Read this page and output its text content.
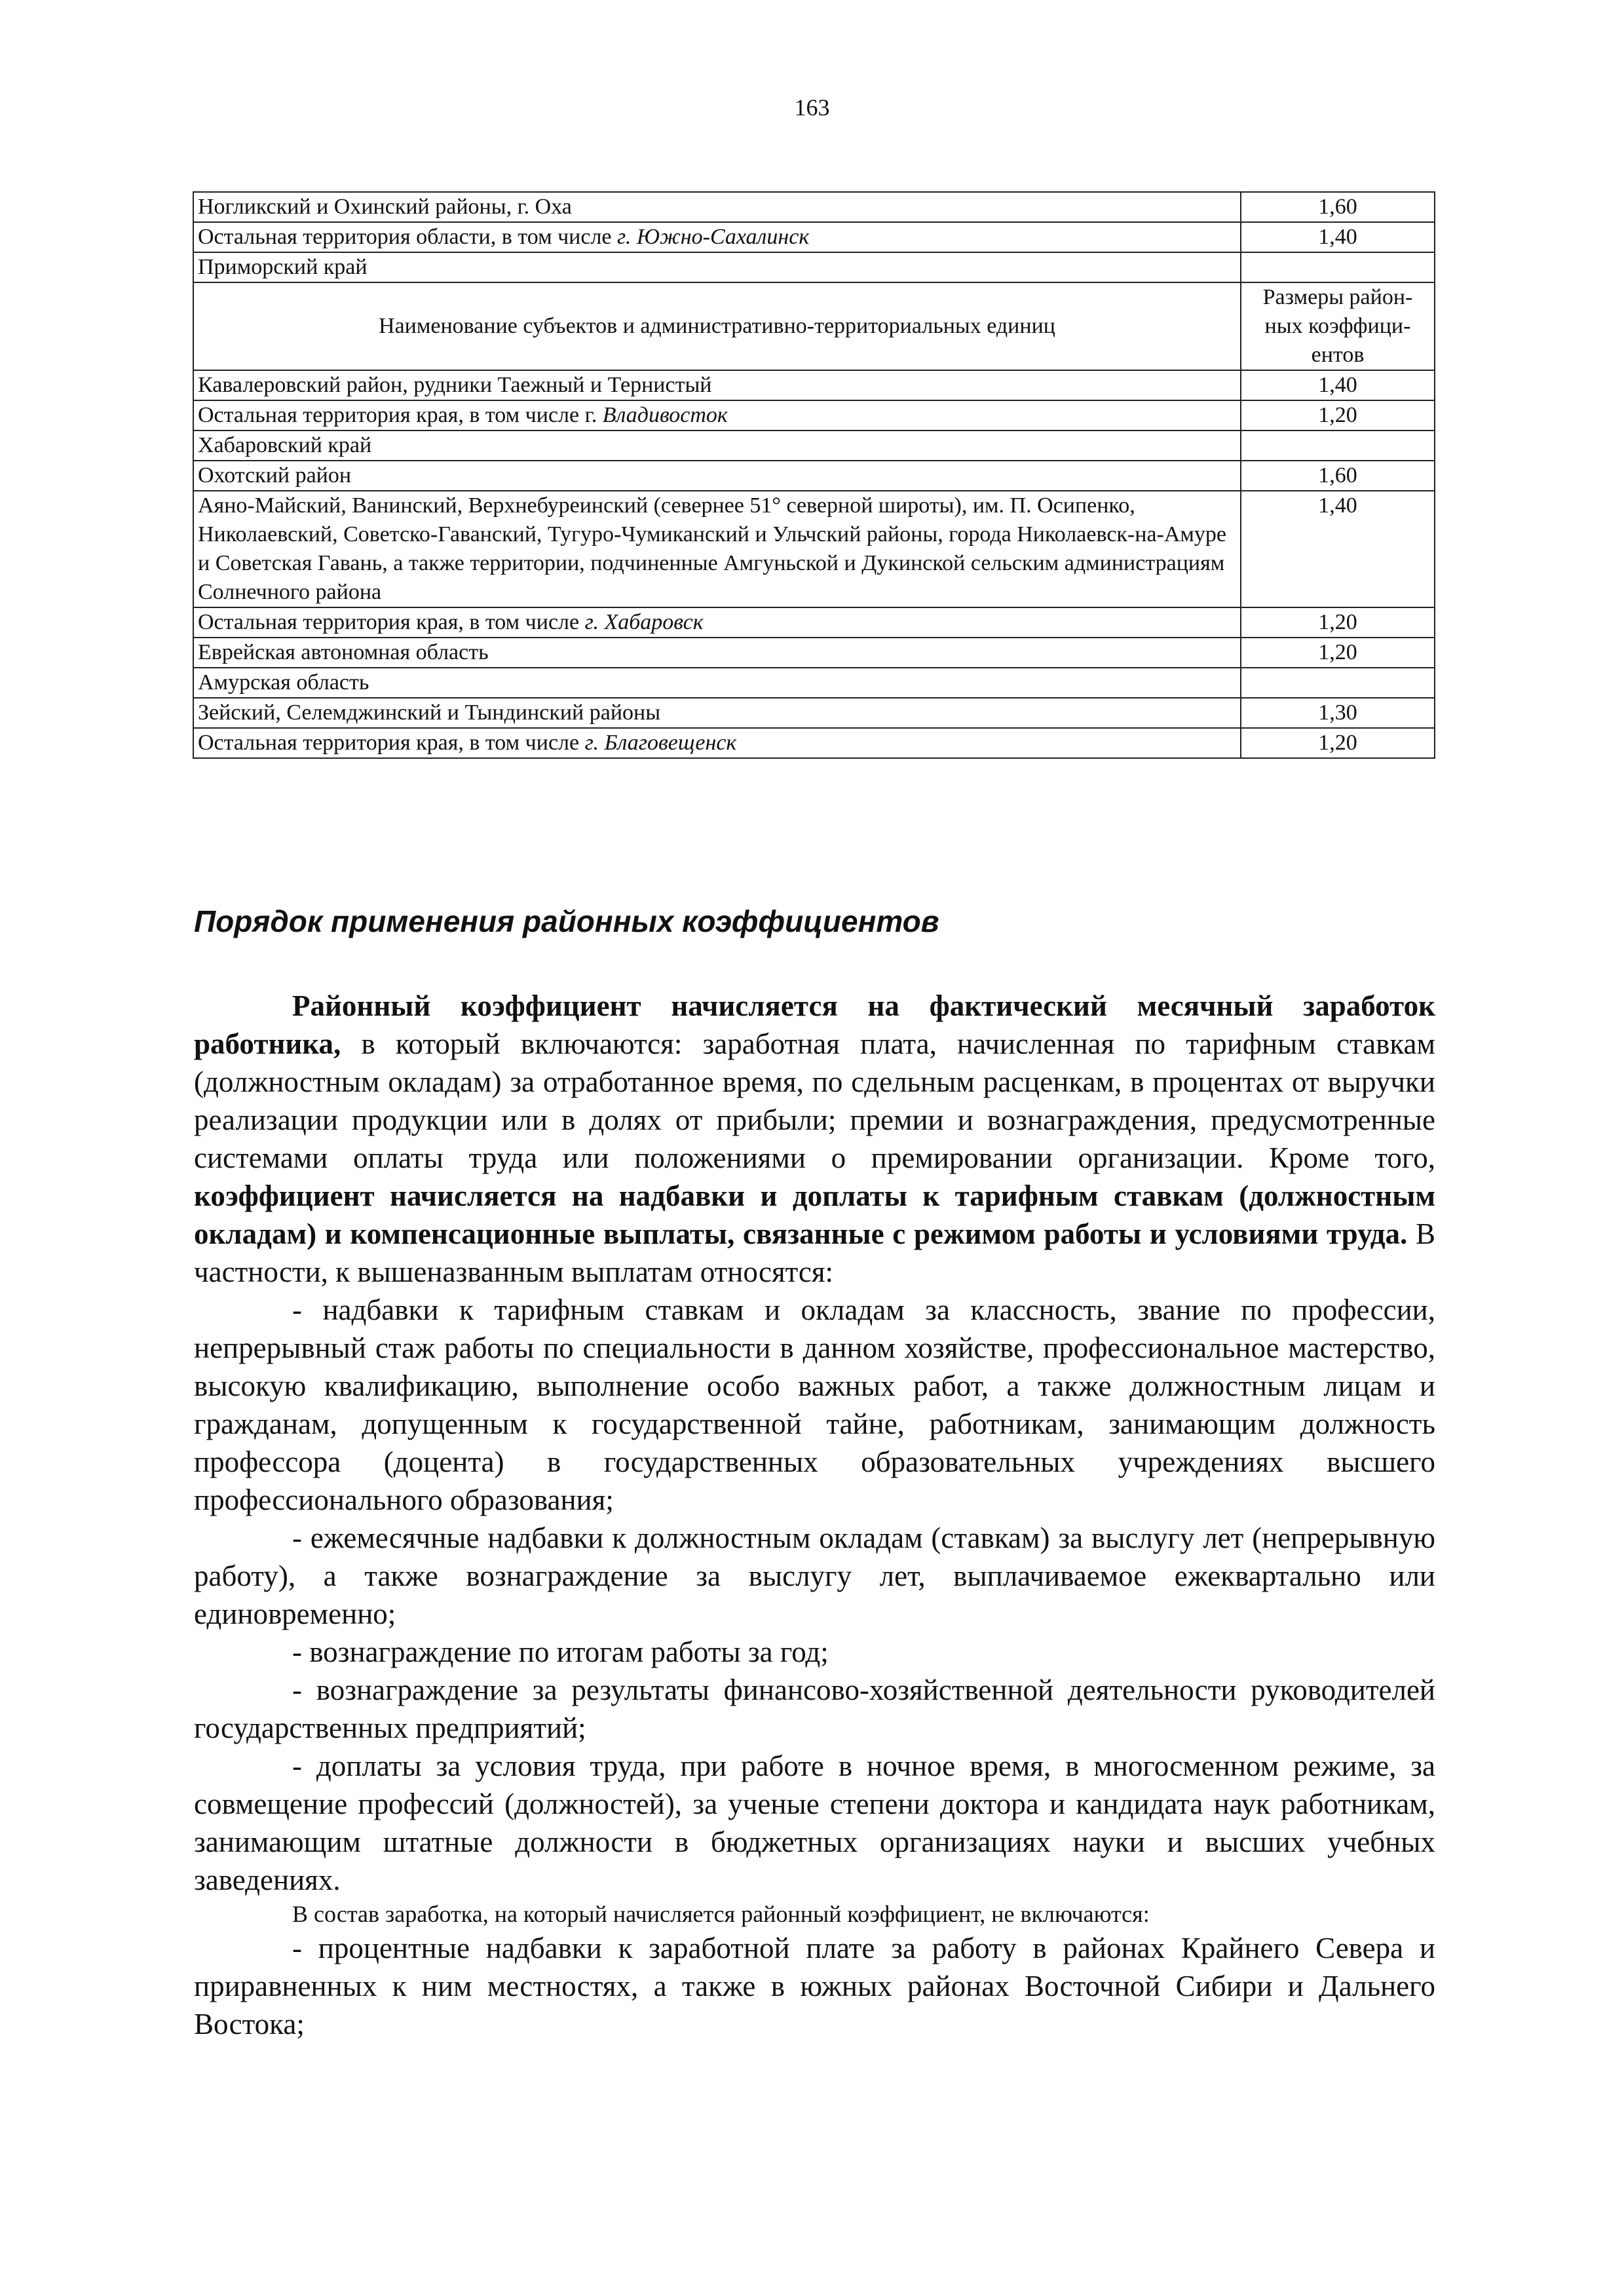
163
Ногликский и Охинский районы, г. Оха	1,60
Остальная территория области, в том числе г. Южно-Сахалинск	1,40
Приморский край	
Наименование субъектов и административно-территориальных единиц	Размеры район-
ных коэффици-
ентов
Кавалеровский район, рудники Таежный и Тернистый	1,40
Остальная территория края, в том числе г. Владивосток	1,20
Хабаровский край	
Охотский район	1,60
Аяно-Майский, Ванинский, Верхнебуреинский (севернее 51° северной широты), им. П. Осипенко, Николаевский, Советско-Гаванский, Тугуро-Чумиканский и Ульчский районы, города Николаевск-на-Амуре и Советская Гавань, а также территории, подчиненные Амгуньской и Дукинской сельским администрациям Солнечного района	1,40
Остальная территория края, в том числе г. Хабаровск	1,20
Еврейская автономная область	1,20
Амурская область	
Зейский, Селемджинский и Тындинский районы	1,30
Остальная территория края, в том числе г. Благовещенск	1,20
Порядок применения районных коэффициентов

Районный коэффициент начисляется на фактический месячный заработок работника, в который включаются: заработная плата, начисленная по тарифным ставкам (должностным окладам) за отработанное время, по сдельным расценкам, в процентах от выручки реализации продукции или в долях от прибыли; премии и вознаграждения, предусмотренные системами оплаты труда или положениями о премировании организации. Кроме того, коэффициент начисляется на надбавки и доплаты к тарифным ставкам (должностным окладам) и компенсационные выплаты, связанные с режимом работы и условиями труда. В частности, к вышеназванным выплатам относятся:

- надбавки к тарифным ставкам и окладам за классность, звание по профессии, непрерывный стаж работы по специальности в данном хозяйстве, профессиональное мастерство, высокую квалификацию, выполнение особо важных работ, а также должностным лицам и гражданам, допущенным к государственной тайне, работникам, занимающим должность профессора (доцента) в государственных образовательных учреждениях высшего профессионального образования;

- ежемесячные надбавки к должностным окладам (ставкам) за выслугу лет (непрерывную работу), а также вознаграждение за выслугу лет, выплачиваемое ежеквартально или единовременно;

- вознаграждение по итогам работы за год;

- вознаграждение за результаты финансово-хозяйственной деятельности руководителей государственных предприятий;

- доплаты за условия труда, при работе в ночное время, в многосменном режиме, за совмещение профессий (должностей), за ученые степени доктора и кандидата наук работникам, занимающим штатные должности в бюджетных организациях науки и высших учебных заведениях.

В состав заработка, на который начисляется районный коэффициент, не включаются:

- процентные надбавки к заработной плате за работу в районах Крайнего Севера и приравненных к ним местностях, а также в южных районах Восточной Сибири и Дальнего Востока;
